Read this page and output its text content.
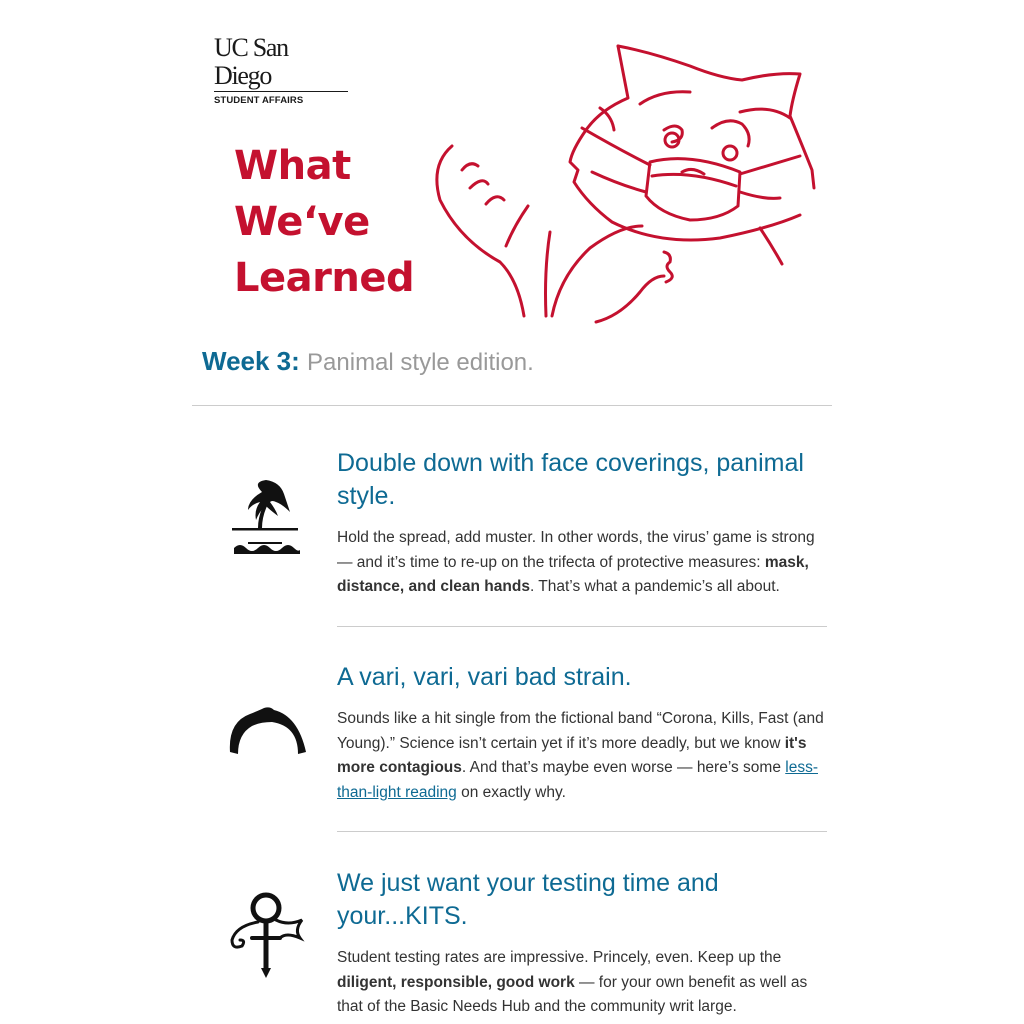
UC San Diego
STUDENT AFFAIRS
What
We‘ve
Learned
Week 3: Panimal style edition.
Double down with face coverings, panimal style.

Hold the spread, add muster. In other words, the virus’ game is strong — and it’s time to re-up on the trifecta of protective measures: mask, distance, and clean hands. That’s what a pandemic’s all about.

A vari, vari, vari bad strain.

Sounds like a hit single from the fictional band “Corona, Kills, Fast (and Young).” Science isn’t certain yet if it’s more deadly, but we know it's more contagious. And that’s maybe even worse — here’s some less-than-light reading on exactly why.

We just want your testing time and your...KITS.

Student testing rates are impressive. Princely, even. Keep up the diligent, responsible, good work — for your own benefit as well as that of the Basic Needs Hub and the community writ large.
